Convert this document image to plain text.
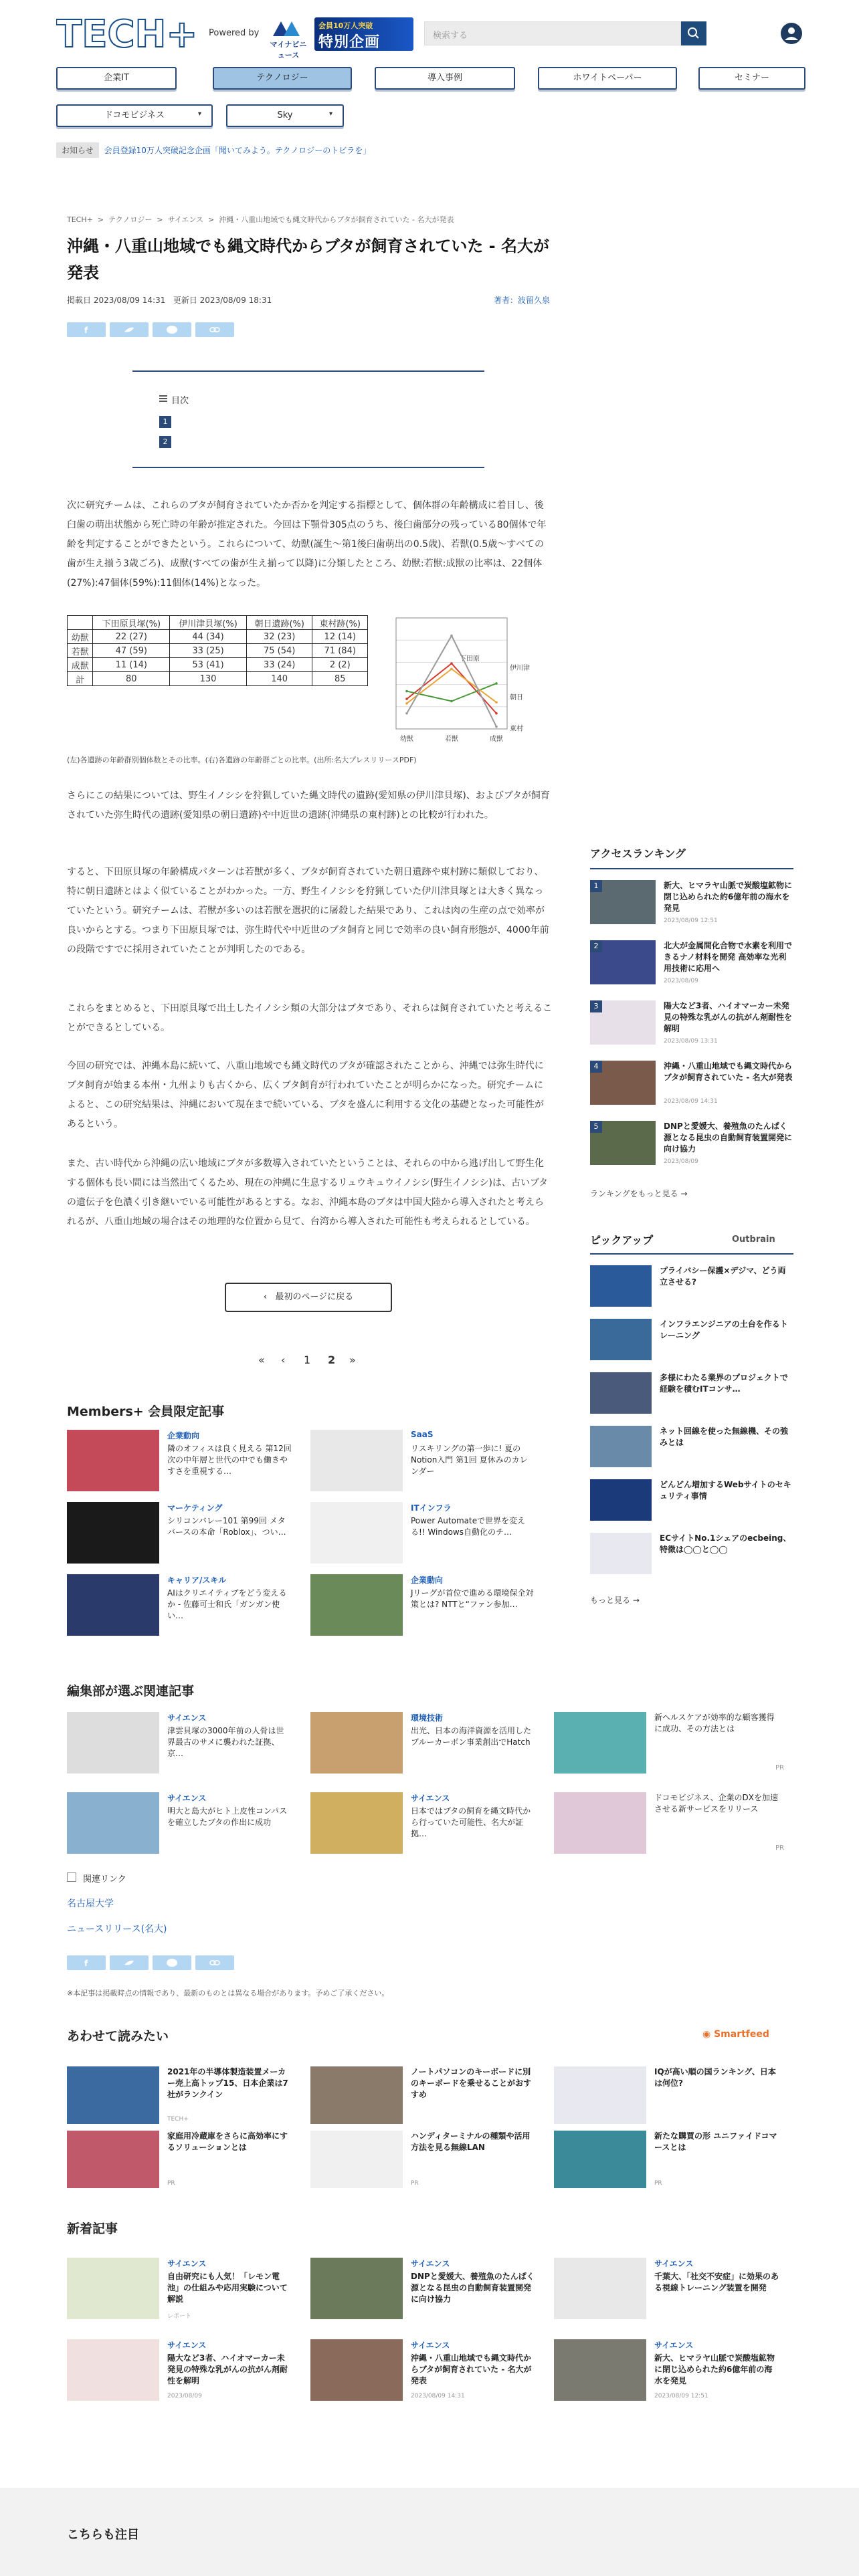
TECH+ Powered by
マイナビニュース
会員10万人突破
特別企画	検索する
お知らせ 会員登録10万人突破記念企画「聞いてみよう。テクノロジーのトビラを」
TECH+  >  テクノロジー  >  サイエンス  >  沖縄・八重山地域でも縄文時代からブタが飼育されていた - 名大が発表
沖縄・八重山地域でも縄文時代からブタが飼育されていた - 名大が発表
掲載日 2023/08/09 14:31 更新日 2023/08/09 18:31	著者：波留久泉
f
目次
1
2

次に研究チームは、これらのブタが飼育されていたか否かを判定する指標として、個体群の年齢構成に着目し、後臼歯の萌出状態から死亡時の年齢が推定された。今回は下顎骨305点のうち、後臼歯部分の残っている80個体で年齢を判定することができたという。これらについて、幼獣(誕生〜第1後臼歯萌出の0.5歳)、若獣(0.5歳〜すべての歯が生え揃う3歳ごろ)、成獣(すべての歯が生え揃って以降)に分類したところ、幼獣:若獣:成獣の比率は、22個体(27%):47個体(59%):11個体(14%)となった。

	下田原貝塚(%)	伊川津貝塚(%)	朝日遺跡(%)	東村跡(%)
幼獣	22 (27)	44 (34)	32 (23)	12 (14)
若獣	47 (59)	33 (25)	75 (54)	71 (84)
成獣	11 (14)	53 (41)	33 (24)	2 (2)
計	80	130	140	85
幼獣	若獣	成獣
下田原
伊川津
朝日
東村
(左)各遺跡の年齢群別個体数とその比率。(右)各遺跡の年齢群ごとの比率。(出所:名大プレスリリースPDF)

さらにこの結果については、野生イノシシを狩猟していた縄文時代の遺跡(愛知県の伊川津貝塚)、およびブタが飼育されていた弥生時代の遺跡(愛知県の朝日遺跡)や中近世の遺跡(沖縄県の東村跡)との比較が行われた。

すると、下田原貝塚の年齢構成パターンは若獣が多く、ブタが飼育されていた朝日遺跡や東村跡に類似しており、特に朝日遺跡とはよく似ていることがわかった。一方、野生イノシシを狩猟していた伊川津貝塚とは大きく異なっていたという。研究チームは、若獣が多いのは若獣を選択的に屠殺した結果であり、これは肉の生産の点で効率が良いからとする。つまり下田原貝塚では、弥生時代や中近世のブタ飼育と同じで効率の良い飼育形態が、4000年前の段階ですでに採用されていたことが判明したのである。

これらをまとめると、下田原貝塚で出土したイノシシ類の大部分はブタであり、それらは飼育されていたと考えることができるとしている。

今回の研究では、沖縄本島に続いて、八重山地域でも縄文時代のブタが確認されたことから、沖縄では弥生時代にブタ飼育が始まる本州・九州よりも古くから、広くブタ飼育が行われていたことが明らかになった。研究チームによると、この研究結果は、沖縄において現在まで続いている、ブタを盛んに利用する文化の基礎となった可能性があるという。

また、古い時代から沖縄の広い地域にブタが多数導入されていたということは、それらの中から逃げ出して野生化する個体も長い間には当然出てくるため、現在の沖縄に生息するリュウキュウイノシシ(野生イノシシ)は、古いブタの遺伝子を色濃く引き継いでいる可能性があるとする。なお、沖縄本島のブタは中国大陸から導入されたと考えられるが、八重山地域の場合はその地理的な位置から見て、台湾から導入された可能性も考えられるとしている。

‹ 最初のページに戻る
« ‹ 1 2 »
Members+ 会員限定記事
企業動向
隣のオフィスは良く見える 第12回 次の中年層と世代の中でも働きやすさを重視する…
SaaS
リスキリングの第一歩に! 夏のNotion入門 第1回 夏休みのカレンダー
マーケティング
シリコンバレー101 第99回 メタバースの本命「Roblox」、つい…
ITインフラ
Power Automateで世界を変える!! Windows自動化のチ…
キャリア/スキル
AIはクリエイティブをどう変えるか - 佐藤可士和氏「ガンガン使い…
企業動向
Jリーグが首位で進める環境保全対策とは? NTTと“ファン参加…
編集部が選ぶ関連記事
サイエンス
津雲貝塚の3000年前の人骨は世界最古のサメに襲われた証拠、京…
環境技術
出光、日本の海洋資源を活用したブルーカーボン事業創出でHatch
新ヘルスケアが効率的な顧客獲得に成功、その方法とは
PR
サイエンス
明大と島大がヒト上皮性コンパスを確立したブタの作出に成功
サイエンス
日本ではブタの飼育を縄文時代から行っていた可能性、名大が証拠…
ドコモビジネス、企業のDXを加速させる新サービスをリリース
PR
関連リンク
名古屋大学
ニュースリリース(名大)
f
※本記事は掲載時点の情報であり、最新のものとは異なる場合があります。予めご了承ください。
あわせて読みたい	◉ Smartfeed
2021年の半導体製造装置メーカー売上高トップ15、日本企業は7社がランクイン
TECH+
ノートパソコンのキーボードに別のキーボードを乗せることがおすすめ
IQが高い順の国ランキング、日本は何位?
家庭用冷蔵庫をさらに高効率にするソリューションとは
PR
ハンディターミナルの種類や活用方法を見る無線LAN
PR
新たな購買の形 ユニファイドコマースとは
PR
新着記事
サイエンス
自由研究にも人気！「レモン電池」の仕組みや応用実験について解説
レポート
サイエンス
DNPと愛媛大、養殖魚のたんぱく源となる昆虫の自動飼育装置開発に向け協力
サイエンス
千葉大、「社交不安症」に効果のある視線トレーニング装置を開発
サイエンス
陽大など3者、ハイオマーカー未発見の特殊な乳がんの抗がん剤耐性を解明
2023/08/09
サイエンス
沖縄・八重山地域でも縄文時代からブタが飼育されていた - 名大が発表
2023/08/09 14:31
サイエンス
新大、ヒマラヤ山脈で炭酸塩鉱物に閉じ込められた約6億年前の海水を発見
2023/08/09 12:51
アクセスランキング
1	新大、ヒマラヤ山脈で炭酸塩鉱物に閉じ込められた約6億年前の海水を発見
2023/08/09 12:51
2	北大が金属間化合物で水素を利用できるナノ材料を開発 高効率な光利用技術に応用へ
2023/08/09
3	陽大など3者、ハイオマーカー未発見の特殊な乳がんの抗がん剤耐性を解明
2023/08/09 13:31
4	沖縄・八重山地域でも縄文時代からブタが飼育されていた - 名大が発表
2023/08/09 14:31
5	DNPと愛媛大、養殖魚のたんぱく源となる昆虫の自動飼育装置開発に向け協力
2023/08/09
ランキングをもっと見る →
ピックアップ	Outbrain
プライバシー保護×デジマ、どう両立させる?
インフラエンジニアの土台を作るトレーニング
多様にわたる業界のプロジェクトで経験を積むITコンサ…
ネット回線を使った無線機、その強みとは
どんどん増加するWebサイトのセキュリティ事情
ECサイトNo.1シェアのecbeing、特徴は◯◯と◯◯
もっと見る →
こちらも注目
企業IT	テクノロジー	導入事例	ホワイトペーパー	セミナー
ドコモビジネス	▾	Sky	▾
